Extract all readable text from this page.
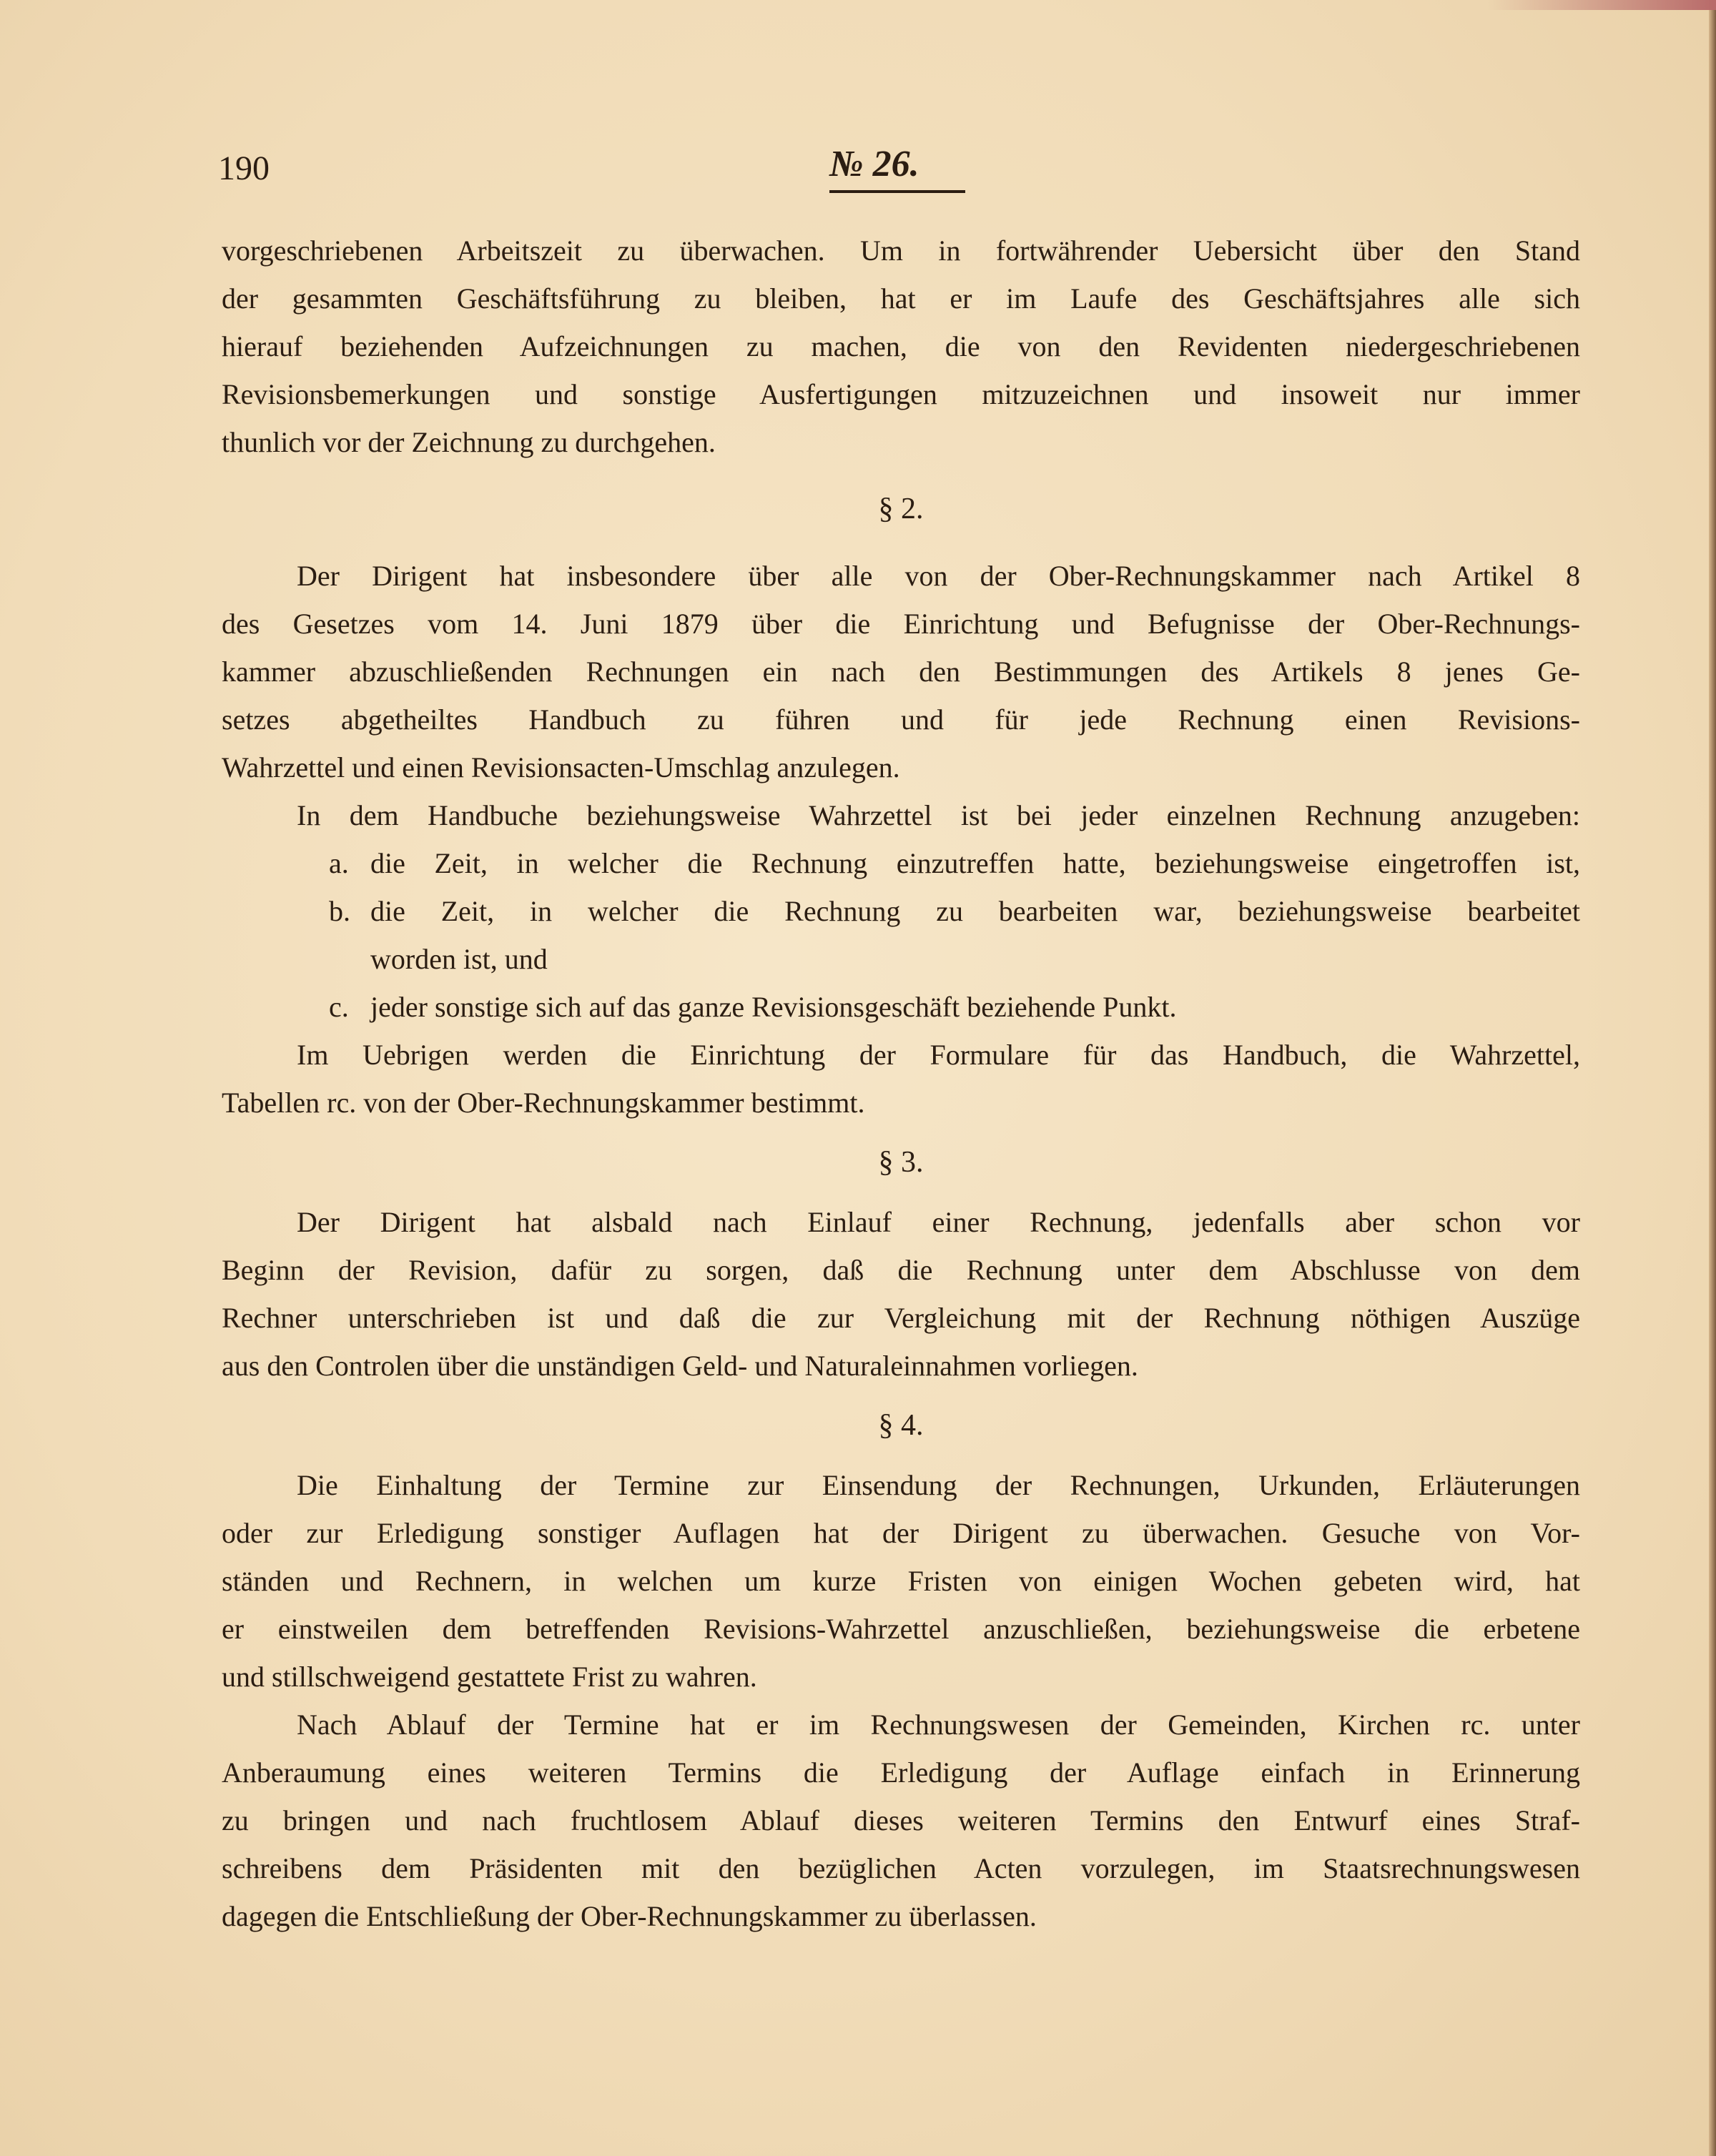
190	№ 26.
vorgeschriebenen Arbeitszeit zu überwachen. Um in fortwährender Uebersicht über den Stand
der gesammten Geschäftsführung zu bleiben, hat er im Laufe des Geschäftsjahres alle sich
hierauf beziehenden Aufzeichnungen zu machen, die von den Revidenten niedergeschriebenen
Revisionsbemerkungen und sonstige Ausfertigungen mitzuzeichnen und insoweit nur immer
thunlich vor der Zeichnung zu durchgehen.
§ 2.
Der Dirigent hat insbesondere über alle von der Ober-Rechnungskammer nach Artikel 8
des Gesetzes vom 14. Juni 1879 über die Einrichtung und Befugnisse der Ober-Rechnungs-
kammer abzuschließenden Rechnungen ein nach den Bestimmungen des Artikels 8 jenes Ge-
setzes abgetheiltes Handbuch zu führen und für jede Rechnung einen Revisions-
Wahrzettel und einen Revisionsacten-Umschlag anzulegen.
In dem Handbuche beziehungsweise Wahrzettel ist bei jeder einzelnen Rechnung anzugeben:
a. die Zeit, in welcher die Rechnung einzutreffen hatte, beziehungsweise eingetroffen ist,
b. die Zeit, in welcher die Rechnung zu bearbeiten war, beziehungsweise bearbeitet
worden ist, und
c. jeder sonstige sich auf das ganze Revisionsgeschäft beziehende Punkt.
Im Uebrigen werden die Einrichtung der Formulare für das Handbuch, die Wahrzettel,
Tabellen rc. von der Ober-Rechnungskammer bestimmt.
§ 3.
Der Dirigent hat alsbald nach Einlauf einer Rechnung, jedenfalls aber schon vor
Beginn der Revision, dafür zu sorgen, daß die Rechnung unter dem Abschlusse von dem
Rechner unterschrieben ist und daß die zur Vergleichung mit der Rechnung nöthigen Auszüge
aus den Controlen über die unständigen Geld- und Naturaleinnahmen vorliegen.
§ 4.
Die Einhaltung der Termine zur Einsendung der Rechnungen, Urkunden, Erläuterungen
oder zur Erledigung sonstiger Auflagen hat der Dirigent zu überwachen. Gesuche von Vor-
ständen und Rechnern, in welchen um kurze Fristen von einigen Wochen gebeten wird, hat
er einstweilen dem betreffenden Revisions-Wahrzettel anzuschließen, beziehungsweise die erbetene
und stillschweigend gestattete Frist zu wahren.
Nach Ablauf der Termine hat er im Rechnungswesen der Gemeinden, Kirchen rc. unter
Anberaumung eines weiteren Termins die Erledigung der Auflage einfach in Erinnerung
zu bringen und nach fruchtlosem Ablauf dieses weiteren Termins den Entwurf eines Straf-
schreibens dem Präsidenten mit den bezüglichen Acten vorzulegen, im Staatsrechnungswesen
dagegen die Entschließung der Ober-Rechnungskammer zu überlassen.
